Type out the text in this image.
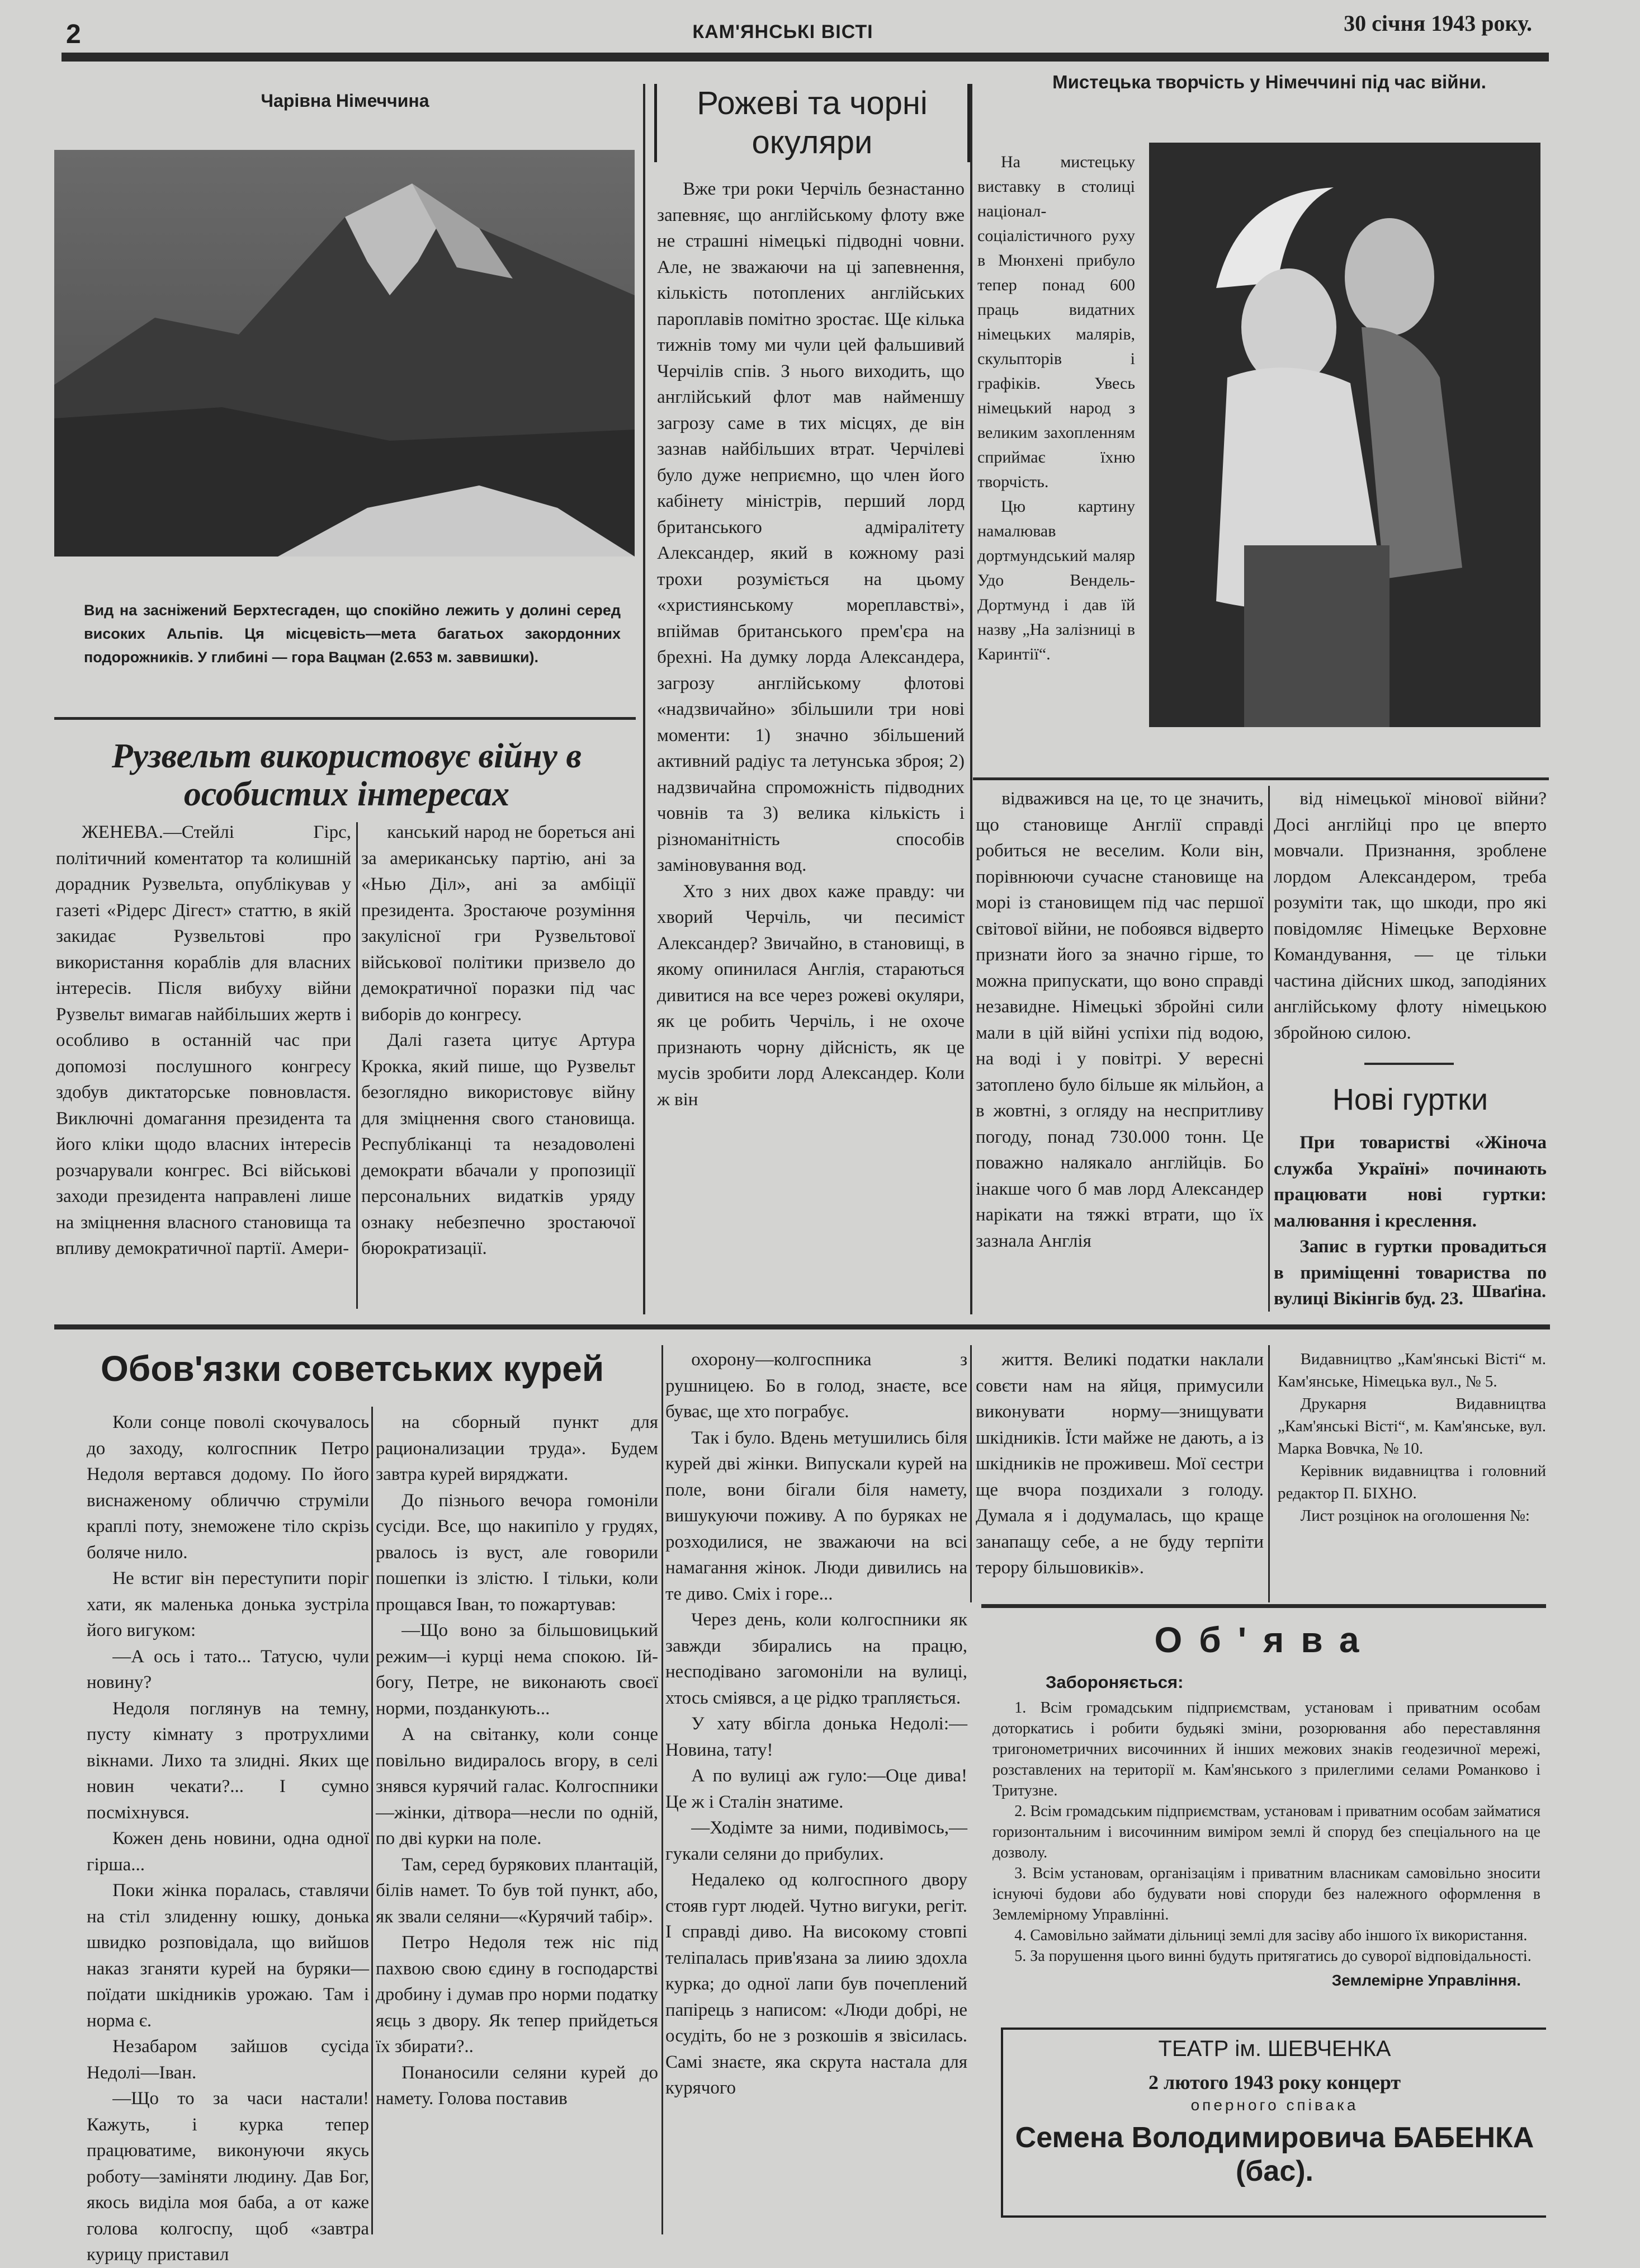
2	КАМ'ЯНСЬКІ ВІСТІ	30 січня 1943 року.
Чарівна Німеччина
Вид на засніжений Берхтесгаден, що спокійно лежить у долині серед високих Альпів. Ця місцевість—мета багатьох закордонних подорожників. У глибині — гора Вацман (2.653 м. заввишки).
Рузвельт використовує війну в особистих інтересах

ЖЕНЕВА.—Стейлі Гірс, політичний коментатор та колишній дорадник Рузвельта, опублікував у газеті «Рідерс Дігест» статтю, в якій закидає Рузвельтові про використання кораблів для власних інтересів. Після вибуху війни Рузвельт вимагав найбільших жертв і особливо в останній час при допомозі послушного конгресу здобув диктаторське повновластя. Виключні домагання президента та його кліки щодо власних інтересів розчарували конгрес. Всі військові заходи президента направлені лише на зміцнення власного становища та впливу демократичної партії. Амери-

канський народ не бореться ані за американську партію, ані за «Нью Діл», ані за амбіції президента. Зростаюче розуміння закулісної гри Рузвельтової військової політики призвело до демократичної поразки під час виборів до конгресу.

Далі газета цитує Артура Крокка, який пише, що Рузвельт безоглядно використовує війну для зміцнення свого становища. Республіканці та незадоволені демократи вбачали у пропозиції персональних видатків уряду ознаку небезпечно зростаючої бюрократизації.

Рожеві та чорні окуляри

Вже три роки Черчіль безнастанно запевняє, що англійському флоту вже не страшні німецькі підводні човни. Але, не зважаючи на ці запевнення, кількість потоплених англійських пароплавів помітно зростає. Ще кілька тижнів тому ми чули цей фальшивий Черчілів спів. З нього виходить, що англійський флот мав найменшу загрозу саме в тих місцях, де він зазнав найбільших втрат. Черчілеві було дуже неприємно, що член його кабінету міністрів, перший лорд британського адміралітету Александер, який в кожному разі трохи розуміється на цьому «християнському мореплавстві», впіймав британського прем'єра на брехні. На думку лорда Александера, загрозу англійському флотові «надзвичайно» збільшили три нові моменти: 1) значно збільшений активний радіус та летунська зброя; 2) надзвичайна спроможність підводних човнів та 3) велика кількість і різноманітність способів заміновування вод.

Хто з них двох каже правду: чи хворий Черчіль, чи песиміст Александер? Звичайно, в становищі, в якому опинилася Англія, стараються дивитися на все через рожеві окуляри, як це робить Черчіль, і не охоче признають чорну дійсність, як це мусів зробити лорд Александер. Коли ж він

Мистецька творчість у Німеччині під час війни.

На мистецьку виставку в столиці націонал-соціалістичного руху в Мюнхені прибуло тепер понад 600 праць видатних німецьких малярів, скульпторів і графіків. Увесь німецький народ з великим захопленням сприймає їхню творчість.

Цю картину намалював дортмундський маляр Удо Вендель-Дортмунд і дав їй назву „На залізниці в Каринтії“.

відважився на це, то це значить, що становище Англії справді робиться не веселим. Коли він, порівнюючи сучасне становище на морі із становищем під час першої світової війни, не побоявся відверто признати його за значно гірше, то можна припускати, що воно справді незавидне. Німецькі збройні сили мали в цій війні успіхи під водою, на воді і у повітрі. У вересні затоплено було більше як мільйон, а в жовтні, з огляду на неспритливу погоду, понад 730.000 тонн. Це поважно налякало англійців. Бо інакше чого б мав лорд Александер нарікати на тяжкі втрати, що їх зазнала Англія

від німецької мінової війни? Досі англійці про це вперто мовчали. Признання, зроблене лордом Александером, треба розуміти так, що шкоди, про які повідомляє Німецьке Верховне Командування, — це тільки частина дійсних шкод, заподіяних англійському флоту німецькою збройною силою.

Нові гуртки

При товаристві «Жіноча служба Україні» починають працювати нові гуртки: малювання і креслення.

Запис в гуртки провадиться в приміщенні товариства по вулиці Вікінгів буд. 23. Шваґіна.
Обов'язки советських курей

Коли сонце поволі скочувалось до заходу, колгоспник Петро Недоля вертався додому. По його виснаженому обличчю струміли краплі поту, знеможене тіло скрізь боляче нило.

Не встиг він переступити поріг хати, як маленька донька зустріла його вигуком:

—А ось і тато... Татусю, чули новину?

Недоля поглянув на темну, пусту кімнату з протрухлими вікнами. Лихо та злидні. Яких ще новин чекати?... І сумно посміхнувся.

Кожен день новини, одна одної гірша...

Поки жінка поралась, ставлячи на стіл злиденну юшку, донька швидко розповідала, що вийшов наказ зганяти курей на буряки—поїдати шкідників урожаю. Там і норма є.

Незабаром зайшов сусіда Недолі—Іван.

—Що то за часи настали! Кажуть, і курка тепер працюватиме, виконуючи якусь роботу—заміняти людину. Дав Бог, якось виділа моя баба, а от каже голова колгоспу, щоб «завтра курицу приставил

на сборный пункт для рационализации труда». Будем завтра курей виряджати.

До пізнього вечора гомоніли сусіди. Все, що накипіло у грудях, рвалось із вуст, але говорили пошепки із злістю. І тільки, коли прощався Іван, то пожартував:

—Що воно за більшовицький режим—і курці нема спокою. Ій-богу, Петре, не виконають своєї норми, позданкують...

А на світанку, коли сонце повільно видиралось вгору, в селі знявся курячий галас. Колгоспники—жінки, дітвора—несли по одній, по дві курки на поле.

Там, серед бурякових плантацій, білів намет. То був той пункт, або, як звали селяни—«Курячий табір».

Петро Недоля теж ніс під пахвою свою єдину в господарстві дробину і думав про норми податку яєць з двору. Як тепер прийдеться їх збирати?..

Понаносили селяни курей до намету. Голова поставив

охорону—колгоспника з рушницею. Бо в голод, знаєте, все буває, ще хто пограбує.

Так і було. Вдень метушились біля курей дві жінки. Випускали курей на поле, вони бігали біля намету, вишукуючи поживу. А по буряках не розходилися, не зважаючи на всі намагання жінок. Люди дивились на те диво. Сміх і горе...

Через день, коли колгоспники як завжди збирались на працю, несподівано загомоніли на вулиці, хтось сміявся, а це рідко трапляється.

У хату вбігла донька Недолі:—Новина, тату!

А по вулиці аж гуло:—Оце дива! Це ж і Сталін знатиме.

—Ходімте за ними, подивімось,—гукали селяни до прибулих.

Недалеко од колгоспного двору стояв гурт людей. Чутно вигуки, регіт. І справді диво. На високому стовпі теліпалась прив'язана за лиию здохла курка; до одної лапи був почеплений папірець з написом: «Люди добрі, не осудіть, бо не з розкошів я звісилась. Самі знаєте, яка скрута настала для курячого

життя. Великі податки наклали совєти нам на яйця, примусили виконувати норму—знищувати шкідників. Їсти майже не дають, а із шкідників не проживеш. Мої сестри ще вчора поздихали з голоду. Думала я і додумалась, що краще занапащу себе, а не буду терпіти терору більшовиків».

Видавництво „Кам'янські Вісті“ м. Кам'янське, Німецька вул., № 5.

Друкарня Видавництва „Кам'янські Вісті“, м. Кам'янське, вул. Марка Вовчка, № 10.

Керівник видавництва і головний редактор П. БІХНО.

Лист розцінок на оголошення №:

Об'ява
Забороняється:

1. Всім громадським підприємствам, установам і приватним особам доторкатись і робити будьякі зміни, розорювання або переставляння тригонометричних височинних й інших межових знаків геодезичної мережі, розставлених на території м. Кам'янського з прилеглими селами Романково і Тритузне.

2. Всім громадським підприємствам, установам і приватним особам займатися горизонтальним і височинним виміром землі й споруд без спеціального на це дозволу.

3. Всім установам, організаціям і приватним власникам самовільно зносити існуючі будови або будувати нові споруди без належного оформлення в Землемірному Управлінні.

4. Самовільно займати дільниці землі для засіву або іншого їх використання.

5. За порушення цього винні будуть притягатись до суворої відповідальності.

Землемірне Управління.
ТЕАТР ім. ШЕВЧЕНКА
2 лютого 1943 року концерт
оперного співака
Семена Володимировича БАБЕНКА (бас).
